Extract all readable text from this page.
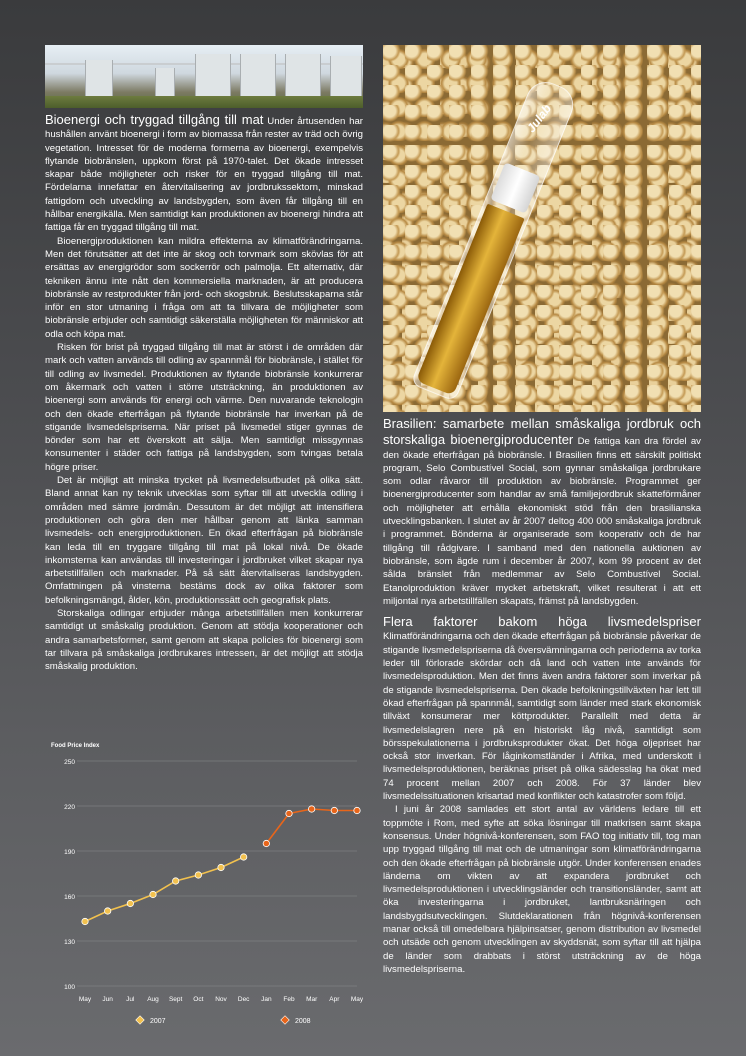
Bioenergi och tryggad tillgång till mat Under årtusenden har hushållen använt bioenergi i form av biomassa från rester av träd och övrig vegetation. Intresset för de moderna formerna av bioenergi, exempelvis flytande biobränslen, uppkom först på 1970-talet. Det ökade intresset skapar både möjligheter och risker för en tryggad tillgång till mat. Fördelarna innefattar en återvitalisering av jordbrukssektorn, minskad fattigdom och utveckling av landsbygden, som även får tillgång till en hållbar energikälla. Men samtidigt kan produktionen av bioenergi hindra att fattiga får en tryggad tillgång till mat.

Bioenergiproduktionen kan mildra effekterna av klimatförändringarna. Men det förutsätter att det inte är skog och torvmark som skövlas för att ersättas av energigrödor som sockerrör och palmolja. Ett alternativ, där tekniken ännu inte nått den kommersiella marknaden, är att producera biobränsle av restprodukter från jord- och skogsbruk. Beslutsskaparna står inför en stor utmaning i fråga om att ta tillvara de möjligheter som biobränsle erbjuder och samtidigt säkerställa möjligheten för människor att odla och köpa mat.

Risken för brist på tryggad tillgång till mat är störst i de områden där mark och vatten används till odling av spannmål för biobränsle, i stället för till odling av livsmedel. Produktionen av flytande biobränsle konkurrerar om åkermark och vatten i större utsträckning, än produktionen av bioenergi som används för energi och värme. Den nuvarande teknologin och den ökade efterfrågan på flytande biobränsle har inverkan på de stigande livsmedelspriserna. När priset på livsmedel stiger gynnas de bönder som har ett överskott att sälja. Men samtidigt missgynnas konsumenter i städer och fattiga på landsbygden, som tvingas betala högre priser.

Det är möjligt att minska trycket på livsmedelsutbudet på olika sätt. Bland annat kan ny teknik utvecklas som syftar till att utveckla odling i områden med sämre jordmån. Dessutom är det möjligt att intensifiera produktionen och göra den mer hållbar genom att länka samman livsmedels- och energiproduktionen. En ökad efterfrågan på biobränsle kan leda till en tryggare tillgång till mat på lokal nivå. De ökade inkomsterna kan användas till investeringar i jordbruket vilket skapar nya arbetstillfällen och marknader. På så sätt återvitaliseras landsbygden. Omfattningen på vinsterna bestäms dock av olika faktorer som befolkningsmängd, ålder, kön, produktionssätt och geografisk plats.

Storskaliga odlingar erbjuder många arbetstillfällen men konkurrerar samtidigt ut småskalig produktion. Genom att stödja kooperationer och andra samarbetsformer, samt genom att skapa policies för bioenergi som tar tillvara på småskaliga jordbrukares intressen, är det möjligt att stödja småskalig produktion.

Julab

Brasilien: samarbete mellan småskaliga jordbruk och storskaliga bioenergiproducenter De fattiga kan dra fördel av den ökade efterfrågan på biobränsle. I Brasilien finns ett särskilt politiskt program, Selo Combustível Social, som gynnar småskaliga jordbrukare som odlar råvaror till produktion av biobränsle. Programmet ger bioenergiproducenter som handlar av små familjejordbruk skatteförmåner och möjligheter att erhålla ekonomiskt stöd från den brasilianska utvecklingsbanken. I slutet av år 2007 deltog 400 000 småskaliga jordbruk i programmet. Bönderna är organiserade som kooperativ och de har tillgång till rådgivare. I samband med den nationella auktionen av biobränsle, som ägde rum i december år 2007, kom 99 procent av det sålda bränslet från medlemmar av Selo Combustível Social. Etanolproduktion kräver mycket arbetskraft, vilket resulterat i att ett miljontal nya arbetstillfällen skapats, främst på landsbygden.

Flera faktorer bakom höga livsmedelspriser Klimatförändringarna och den ökade efterfrågan på biobränsle påverkar de stigande livsmedelspriserna då översvämningarna och perioderna av torka leder till förlorade skördar och då land och vatten inte används för livsmedelsproduktion. Men det finns även andra faktorer som inverkar på de stigande livsmedelspriserna. Den ökade befolkningstillväxten har lett till ökad efterfrågan på spannmål, samtidigt som länder med stark ekonomisk tillväxt konsumerar mer köttprodukter. Parallellt med detta är livsmedelslagren nere på en historiskt låg nivå, samtidigt som börsspekulationerna i jordbruksprodukter ökat. Det höga oljepriset har också stor inverkan. För låginkomstländer i Afrika, med underskott i livsmedelsproduktionen, beräknas priset på olika sädesslag ha ökat med 74 procent mellan 2007 och 2008. För 37 länder blev livsmedelssituationen krisartad med konflikter och katastrofer som följd.

I juni år 2008 samlades ett stort antal av världens ledare till ett toppmöte i Rom, med syfte att söka lösningar till matkrisen samt skapa konsensus. Under högnivå-konferensen, som FAO tog initiativ till, tog man upp tryggad tillgång till mat och de utmaningar som klimatförändringarna och den ökade efterfrågan på biobränsle utgör. Under konferensen enades länderna om vikten av att expandera jordbruket och livsmedelsproduktionen i utvecklingsländer och transitionsländer, samt att öka investeringarna i jordbruket, lantbruksnäringen och landsbygdsutvecklingen. Slutdeklarationen från högnivå-konferensen manar också till omedelbara hjälpinsatser, genom distribution av livsmedel och utsäde och genom utvecklingen av skyddsnät, som syftar till att hjälpa de länder som drabbats i störst utsträckning av de höga livsmedelspriserna.

Food Price Index
100
130
160
190
220
250
May Jun Jul Aug Sept Oct Nov Dec Jan Feb Mar Apr May
2007	2008
